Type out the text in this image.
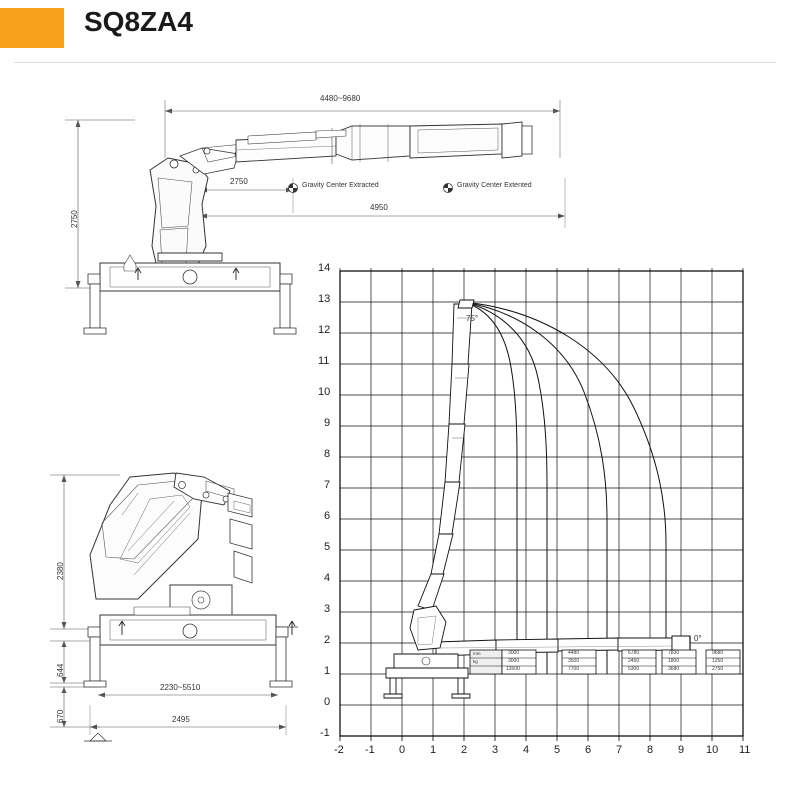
SQ8ZA4
4480~9680
2750
2750
4950
Gravity Center Extracted	Gravity Center Extented
2380
644
670
2230~5510
2495
14
13
12
11
10
9
8
7
6
5
4
3
2
1
0
-1
-2 -1 0 1 2 3 4 5 6 7 8 9 10 11
75°
0°
mm
kg
3000
3000
13500
4480
3500
7700
6780
2450
5300
7830
1800
3680
9680
1250
2750
